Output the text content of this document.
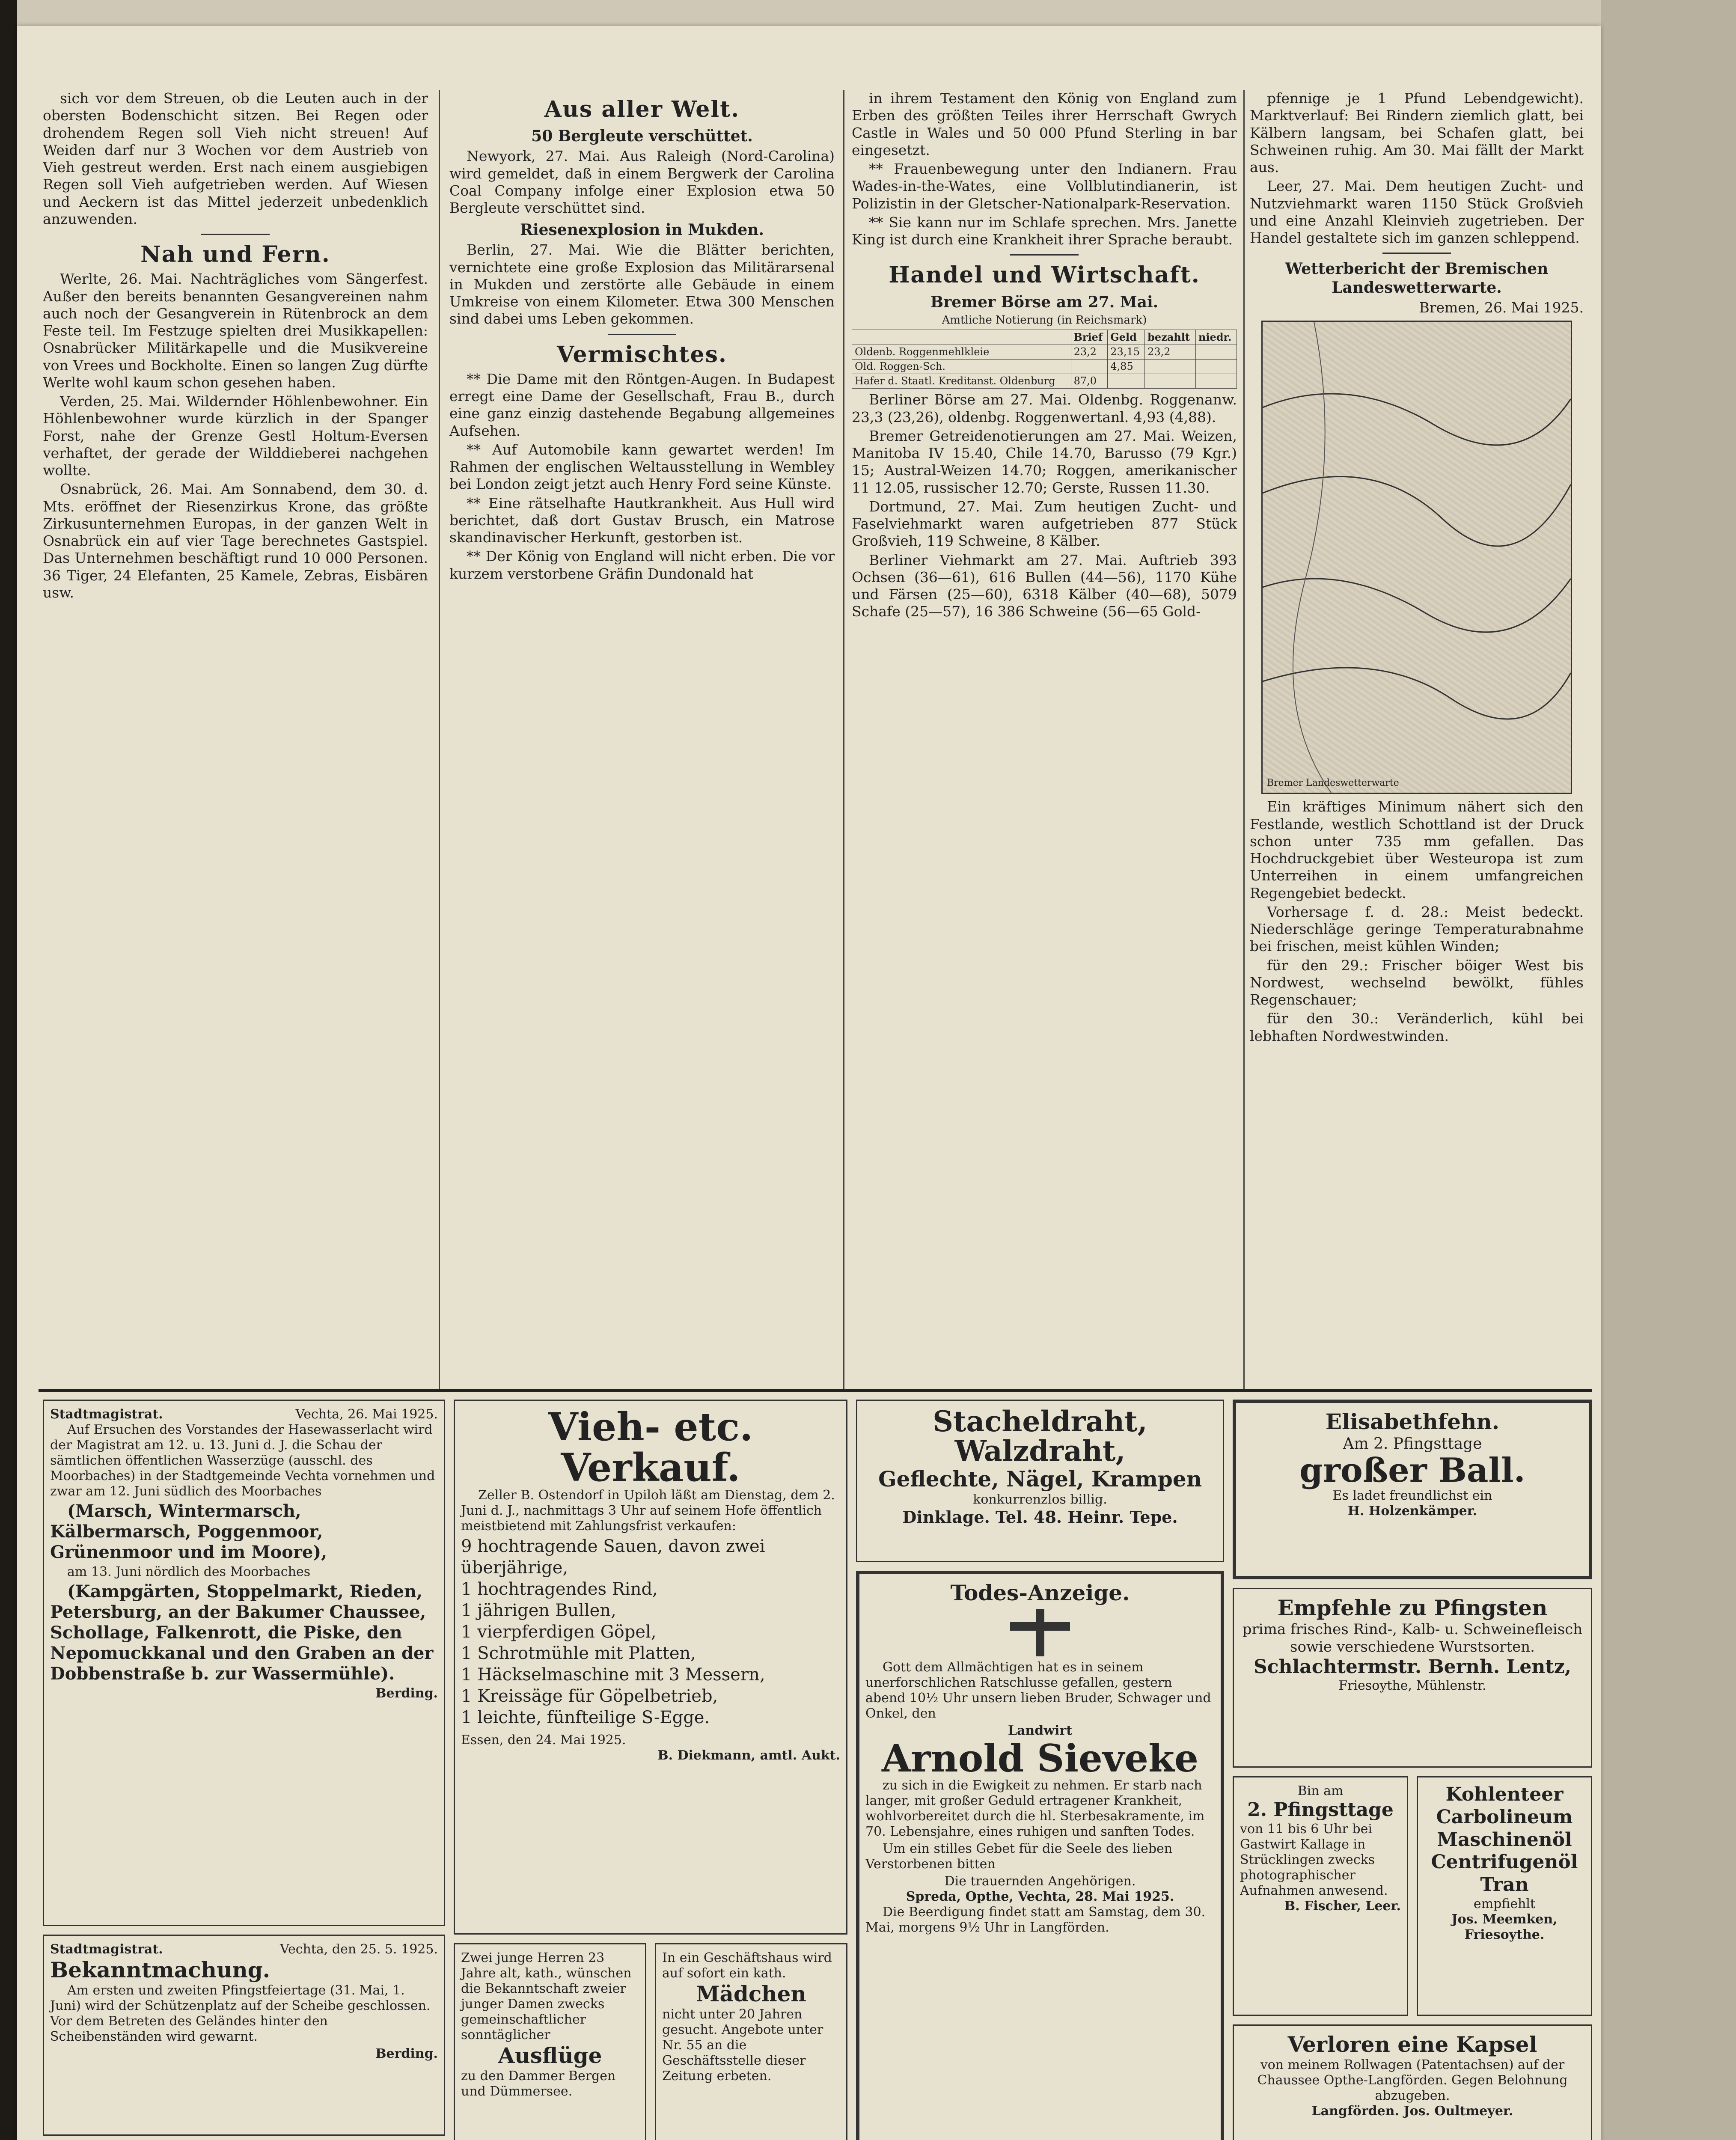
sich vor dem Streuen, ob die Leuten auch in der obersten Bodenschicht sitzen. Bei Regen oder drohendem Regen soll Vieh nicht streuen! Auf Weiden darf nur 3 Wochen vor dem Austrieb von Vieh gestreut werden. Erst nach einem ausgiebigen Regen soll Vieh aufgetrieben werden. Auf Wiesen und Aeckern ist das Mittel jederzeit unbedenklich anzuwenden.

Nah und Fern.

Werlte, 26. Mai. Nachträgliches vom Sängerfest. Außer den bereits benannten Gesangvereinen nahm auch noch der Gesangverein in Rütenbrock an dem Feste teil. Im Festzuge spielten drei Musikkapellen: Osnabrücker Militärkapelle und die Musikvereine von Vrees und Bockholte. Einen so langen Zug dürfte Werlte wohl kaum schon gesehen haben.

Verden, 25. Mai. Wildernder Höhlenbewohner. Ein Höhlenbewohner wurde kürzlich in der Spanger Forst, nahe der Grenze Gestl Holtum-Eversen verhaftet, der gerade der Wilddieberei nachgehen wollte.

Osnabrück, 26. Mai. Am Sonnabend, dem 30. d. Mts. eröffnet der Riesenzirkus Krone, das größte Zirkusunternehmen Europas, in der ganzen Welt in Osnabrück ein auf vier Tage berechnetes Gastspiel. Das Unternehmen beschäftigt rund 10 000 Personen. 36 Tiger, 24 Elefanten, 25 Kamele, Zebras, Eisbären usw.

Aus aller Welt.
50 Bergleute verschüttet.

Newyork, 27. Mai. Aus Raleigh (Nord-Carolina) wird gemeldet, daß in einem Bergwerk der Carolina Coal Company infolge einer Explosion etwa 50 Bergleute verschüttet sind.

Riesenexplosion in Mukden.

Berlin, 27. Mai. Wie die Blätter berichten, vernichtete eine große Explosion das Militärarsenal in Mukden und zerstörte alle Gebäude in einem Umkreise von einem Kilometer. Etwa 300 Menschen sind dabei ums Leben gekommen.

Vermischtes.

** Die Dame mit den Röntgen-Augen. In Budapest erregt eine Dame der Gesellschaft, Frau B., durch eine ganz einzig dastehende Begabung allgemeines Aufsehen.

** Auf Automobile kann gewartet werden! Im Rahmen der englischen Weltausstellung in Wembley bei London zeigt jetzt auch Henry Ford seine Künste.

** Eine rätselhafte Hautkrankheit. Aus Hull wird berichtet, daß dort Gustav Brusch, ein Matrose skandinavischer Herkunft, gestorben ist.

** Der König von England will nicht erben. Die vor kurzem verstorbene Gräfin Dundonald hat

in ihrem Testament den König von England zum Erben des größten Teiles ihrer Herrschaft Gwrych Castle in Wales und 50 000 Pfund Sterling in bar eingesetzt.

** Frauenbewegung unter den Indianern. Frau Wades-in-the-Wates, eine Vollblutindianerin, ist Polizistin in der Gletscher-Nationalpark-Reservation.

** Sie kann nur im Schlafe sprechen. Mrs. Janette King ist durch eine Krankheit ihrer Sprache beraubt.

Handel und Wirtschaft.
Bremer Börse am 27. Mai.
Amtliche Notierung (in Reichsmark)
	Brief	Geld	bezahlt	niedr.
Oldenb. Roggenmehlkleie	23,2	23,15	23,2	
Old. Roggen-Sch.		4,85		
Hafer d. Staatl. Kreditanst. Oldenburg	87,0			

Berliner Börse am 27. Mai. Oldenbg. Roggenanw. 23,3 (23,26), oldenbg. Roggenwertanl. 4,93 (4,88).

Bremer Getreidenotierungen am 27. Mai. Weizen, Manitoba IV 15.40, Chile 14.70, Barusso (79 Kgr.) 15; Austral-Weizen 14.70; Roggen, amerikanischer 11 12.05, russischer 12.70; Gerste, Russen 11.30.

Dortmund, 27. Mai. Zum heutigen Zucht- und Faselviehmarkt waren aufgetrieben 877 Stück Großvieh, 119 Schweine, 8 Kälber.

Berliner Viehmarkt am 27. Mai. Auftrieb 393 Ochsen (36—61), 616 Bullen (44—56), 1170 Kühe und Färsen (25—60), 6318 Kälber (40—68), 5079 Schafe (25—57), 16 386 Schweine (56—65 Gold-

pfennige je 1 Pfund Lebendgewicht). Marktverlauf: Bei Rindern ziemlich glatt, bei Kälbern langsam, bei Schafen glatt, bei Schweinen ruhig. Am 30. Mai fällt der Markt aus.

Leer, 27. Mai. Dem heutigen Zucht- und Nutzviehmarkt waren 1150 Stück Großvieh und eine Anzahl Kleinvieh zugetrieben. Der Handel gestaltete sich im ganzen schleppend.

Wetterbericht der Bremischen Landeswetterwarte.
Bremen, 26. Mai 1925.
Bremer Landeswetterwarte

Ein kräftiges Minimum nähert sich den Festlande, westlich Schottland ist der Druck schon unter 735 mm gefallen. Das Hochdruckgebiet über Westeuropa ist zum Unterreihen in einem umfangreichen Regengebiet bedeckt.

Vorhersage f. d. 28.: Meist bedeckt. Niederschläge geringe Temperaturabnahme bei frischen, meist kühlen Winden;

für den 29.: Frischer böiger West bis Nordwest, wechselnd bewölkt, fühles Regenschauer;

für den 30.: Veränderlich, kühl bei lebhaften Nordwestwinden.

Stadtmagistrat.	Vechta, 26. Mai 1925.

Auf Ersuchen des Vorstandes der Hasewasserlacht wird der Magistrat am 12. u. 13. Juni d. J. die Schau der sämtlichen öffentlichen Wasserzüge (ausschl. des Moorbaches) in der Stadtgemeinde Vechta vornehmen und zwar am 12. Juni südlich des Moorbaches

(Marsch, Wintermarsch, Kälbermarsch, Poggenmoor, Grünenmoor und im Moore),

am 13. Juni nördlich des Moorbaches

(Kampgärten, Stoppelmarkt, Rieden, Petersburg, an der Bakumer Chaussee, Schollage, Falkenrott, die Piske, den Nepomuckkanal und den Graben an der Dobbenstraße b. zur Wassermühle).

Berding.
Stadtmagistrat.	Vechta, den 25. 5. 1925.
Bekanntmachung.

Am ersten und zweiten Pfingstfeiertage (31. Mai, 1. Juni) wird der Schützenplatz auf der Scheibe geschlossen. Vor dem Betreten des Geländes hinter den Scheibenständen wird gewarnt.

Berding.
Vieh- etc. Verkauf.

Zeller B. Ostendorf in Upiloh läßt am Dienstag, dem 2. Juni d. J., nachmittags 3 Uhr auf seinem Hofe öffentlich meistbietend mit Zahlungsfrist verkaufen:

9 hochtragende Sauen, davon zwei überjährige,
1 hochtragendes Rind,
1 jährigen Bullen,
1 vierpferdigen Göpel,
1 Schrotmühle mit Platten,
1 Häckselmaschine mit 3 Messern,
1 Kreissäge für Göpelbetrieb,
1 leichte, fünfteilige S-Egge.
Essen, den 24. Mai 1925.
B. Diekmann, amtl. Aukt.
Zwei junge Herren 23 Jahre alt, kath., wünschen die Bekanntschaft zweier junger Damen zwecks gemeinschaftlicher sonntäglicher
Ausflüge
zu den Dammer Bergen und Dümmersee.
In ein Geschäftshaus wird auf sofort ein kath.
Mädchen
nicht unter 20 Jahren gesucht. Angebote unter Nr. 55 an die Geschäftsstelle dieser Zeitung erbeten.
Stacheldraht, Walzdraht,
Geflechte, Nägel, Krampen
konkurrenzlos billig.
Dinklage. Tel. 48. Heinr. Tepe.
Todes-Anzeige.

Gott dem Allmächtigen hat es in seinem unerforschlichen Ratschlusse gefallen, gestern abend 10½ Uhr unsern lieben Bruder, Schwager und Onkel, den

Landwirt
Arnold Sieveke

zu sich in die Ewigkeit zu nehmen. Er starb nach langer, mit großer Geduld ertragener Krankheit, wohlvorbereitet durch die hl. Sterbesakramente, im 70. Lebensjahre, eines ruhigen und sanften Todes.

Um ein stilles Gebet für die Seele des lieben Verstorbenen bitten

Die trauernden Angehörigen.
Spreda, Opthe, Vechta, 28. Mai 1925.

Die Beerdigung findet statt am Samstag, dem 30. Mai, morgens 9½ Uhr in Langförden.

Elisabethfehn.
Am 2. Pfingsttage
großer Ball.
Es ladet freundlichst ein
H. Holzenkämper.
Empfehle zu Pfingsten
prima frisches Rind-, Kalb- u. Schweinefleisch sowie verschiedene Wurstsorten.
Schlachtermstr. Bernh. Lentz,
Friesoythe, Mühlenstr.
Bin am
2. Pfingsttage
von 11 bis 6 Uhr bei Gastwirt Kallage in Strücklingen zwecks photographischer Aufnahmen anwesend.
B. Fischer, Leer.
Kohlenteer
Carbolineum
Maschinenöl
Centrifugenöl
Tran
empfiehlt
Jos. Meemken, Friesoythe.
Verloren eine Kapsel
von meinem Rollwagen (Patentachsen) auf der Chaussee Opthe-Langförden. Gegen Belohnung abzugeben.
Langförden. Jos. Oultmeyer.
